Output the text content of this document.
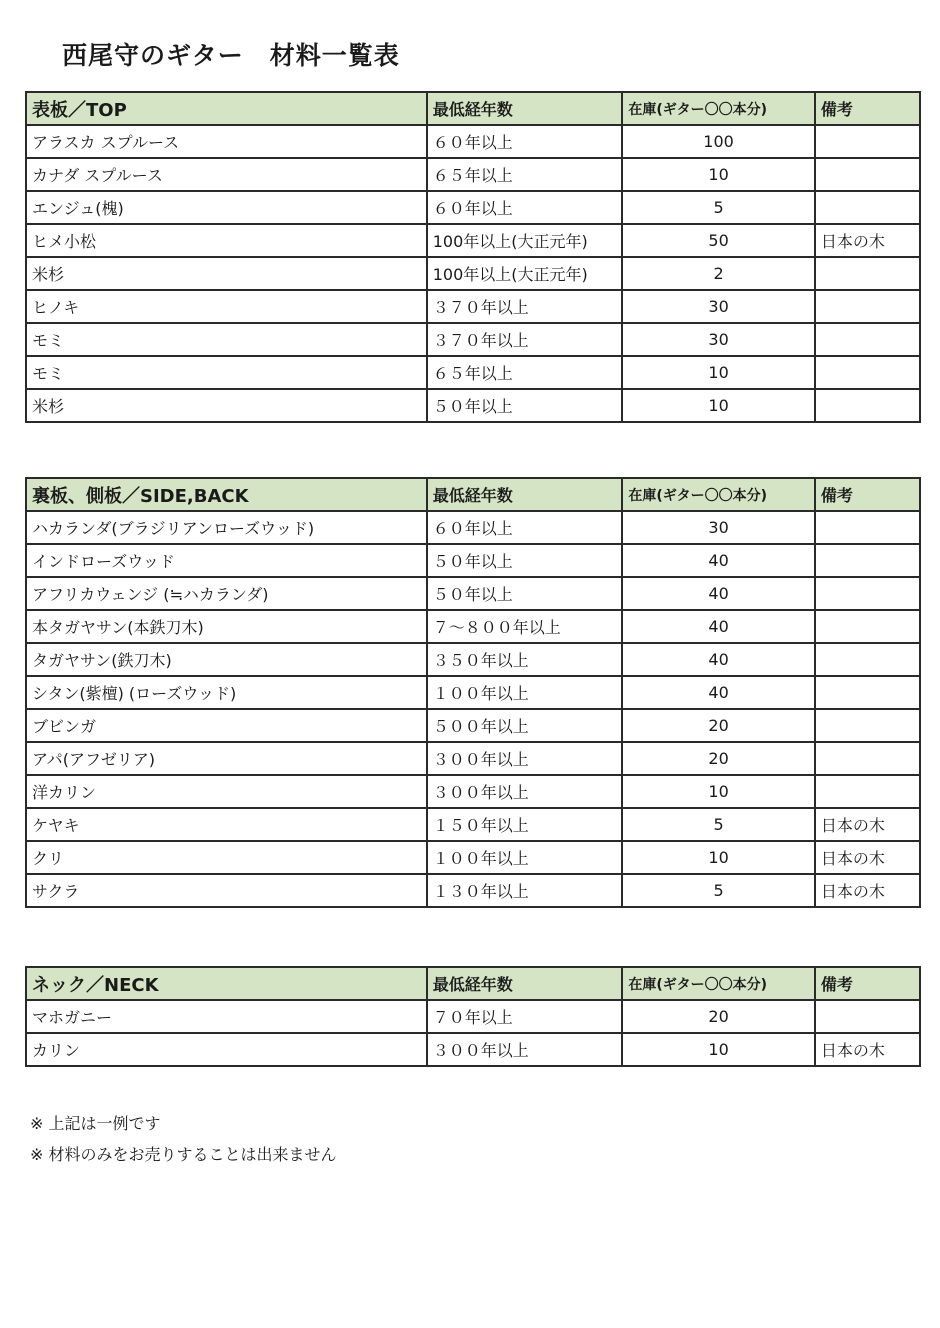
西尾守のギター　材料一覧表
表板／TOP	最低経年数	在庫(ギター〇〇本分)	備考
アラスカ スプルース	６０年以上	100	
カナダ スプルース	６５年以上	10	
エンジュ(槐)	６０年以上	5	
ヒメ小松	100年以上(大正元年)	50	日本の木
米杉	100年以上(大正元年)	2	
ヒノキ	３７０年以上	30	
モミ	３７０年以上	30	
モミ	６５年以上	10	
米杉	５０年以上	10	
裏板、側板／SIDE,BACK	最低経年数	在庫(ギター〇〇本分)	備考
ハカランダ(ブラジリアンローズウッド)	６０年以上	30	
インドローズウッド	５０年以上	40	
アフリカウェンジ (≒ハカランダ)	５０年以上	40	
本タガヤサン(本鉄刀木)	７～８００年以上	40	
タガヤサン(鉄刀木)	３５０年以上	40	
シタン(紫檀) (ローズウッド)	１００年以上	40	
ブビンガ	５００年以上	20	
アパ(アフゼリア)	３００年以上	20	
洋カリン	３００年以上	10	
ケヤキ	１５０年以上	5	日本の木
クリ	１００年以上	10	日本の木
サクラ	１３０年以上	5	日本の木
ネック／NECK	最低経年数	在庫(ギター〇〇本分)	備考
マホガニー	７０年以上	20	
カリン	３００年以上	10	日本の木
※ 上記は一例です
※ 材料のみをお売りすることは出来ません
